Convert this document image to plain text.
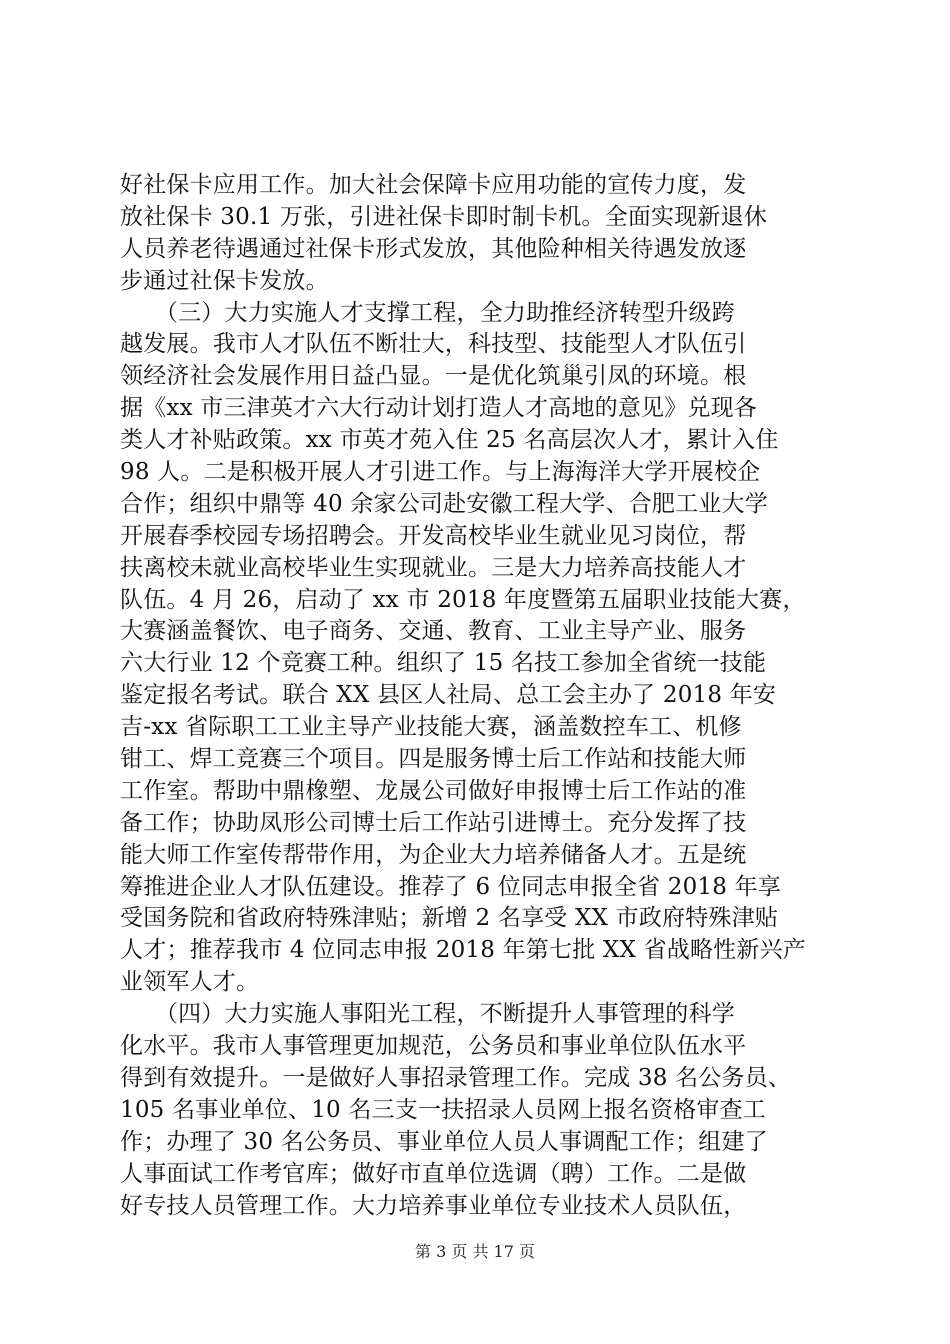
好社保卡应用工作。加大社会保障卡应用功能的宣传力度，发
放社保卡 30.1 万张，引进社保卡即时制卡机。全面实现新退休
人员养老待遇通过社保卡形式发放，其他险种相关待遇发放逐
步通过社保卡发放。
　　（三）大力实施人才支撑工程，全力助推经济转型升级跨
越发展。我市人才队伍不断壮大，科技型、技能型人才队伍引
领经济社会发展作用日益凸显。一是优化筑巢引凤的环境。根
据《xx 市三津英才六大行动计划打造人才高地的意见》兑现各
类人才补贴政策。xx 市英才苑入住 25 名高层次人才，累计入住
98 人。二是积极开展人才引进工作。与上海海洋大学开展校企
合作；组织中鼎等 40 余家公司赴安徽工程大学、合肥工业大学
开展春季校园专场招聘会。开发高校毕业生就业见习岗位，帮
扶离校未就业高校毕业生实现就业。三是大力培养高技能人才
队伍。4 月 26，启动了 xx 市 2018 年度暨第五届职业技能大赛，
大赛涵盖餐饮、电子商务、交通、教育、工业主导产业、服务
六大行业 12 个竞赛工种。组织了 15 名技工参加全省统一技能
鉴定报名考试。联合 XX 县区人社局、总工会主办了 2018 年安
吉-xx 省际职工工业主导产业技能大赛，涵盖数控车工、机修
钳工、焊工竞赛三个项目。四是服务博士后工作站和技能大师
工作室。帮助中鼎橡塑、龙晟公司做好申报博士后工作站的准
备工作；协助凤形公司博士后工作站引进博士。充分发挥了技
能大师工作室传帮带作用，为企业大力培养储备人才。五是统
筹推进企业人才队伍建设。推荐了 6 位同志申报全省 2018 年享
受国务院和省政府特殊津贴；新增 2 名享受 XX 市政府特殊津贴
人才；推荐我市 4 位同志申报 2018 年第七批 XX 省战略性新兴产
业领军人才。
　　（四）大力实施人事阳光工程，不断提升人事管理的科学
化水平。我市人事管理更加规范，公务员和事业单位队伍水平
得到有效提升。一是做好人事招录管理工作。完成 38 名公务员、
105 名事业单位、10 名三支一扶招录人员网上报名资格审查工
作；办理了 30 名公务员、事业单位人员人事调配工作；组建了
人事面试工作考官库；做好市直单位选调（聘）工作。二是做
好专技人员管理工作。大力培养事业单位专业技术人员队伍，
第 3 页 共 17 页
